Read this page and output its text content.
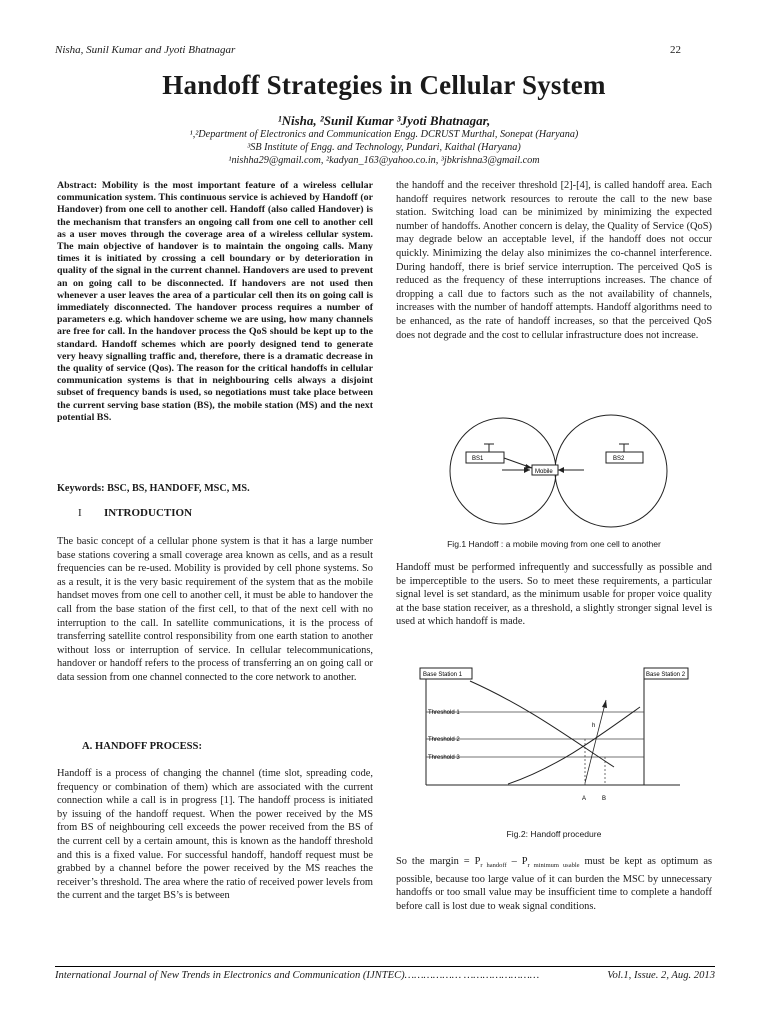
Nisha, Sunil Kumar and Jyoti Bhatnagar	22
Handoff Strategies in Cellular System
¹Nisha, ²Sunil Kumar ³Jyoti Bhatnagar,
¹,²Department of Electronics and Communication Engg. DCRUST Murthal, Sonepat (Haryana)
³SB Institute of Engg. and Technology, Pundari, Kaithal (Haryana)
¹nishha29@gmail.com, ²kadyan_163@yahoo.co.in, ³jbkrishna3@gmail.com
Abstract: Mobility is the most important feature of a wireless cellular communication system. This continuous service is achieved by Handoff (or Handover) from one cell to another cell. Handoff (also called Handover) is the mechanism that transfers an ongoing call from one cell to another cell as a user moves through the coverage area of a wireless cellular system. The main objective of handover is to maintain the ongoing calls. Many times it is initiated by crossing a cell boundary or by deterioration in quality of the signal in the current channel. Handovers are used to prevent an on going call to be disconnected. If handovers are not used then whenever a user leaves the area of a particular cell then its on going call is immediately disconnected. The handover process requires a number of parameters e.g. which handover scheme we are using, how many channels are free for call. In the handover process the QoS should be kept up to the standard. Handoff schemes which are poorly designed tend to generate very heavy signalling traffic and, therefore, there is a dramatic decrease in the quality of service (Qos). The reason for the critical handoffs in cellular communication systems is that in neighbouring cells always a disjoint subset of frequency bands is used, so negotiations must take place between the current serving base station (BS), the mobile station (MS) and the next potential BS.
Keywords: BSC, BS, HANDOFF, MSC, MS.
I INTRODUCTION
The basic concept of a cellular phone system is that it has a large number base stations covering a small coverage area known as cells, and as a result frequencies can be re-used. Mobility is provided by cell phone systems. So as a result, it is the very basic requirement of the system that as the mobile handset moves from one cell to another cell, it must be able to handover the call from the base station of the first cell, to that of the next cell with no interruption to the call. In satellite communications, it is the process of transferring satellite control responsibility from one earth station to another without loss or interruption of service. In cellular telecommunications, handover or handoff refers to the process of transferring an on going call or data session from one channel connected to the core network to another.
A. HANDOFF PROCESS:
Handoff is a process of changing the channel (time slot, spreading code, frequency or combination of them) which are associated with the current connection while a call is in progress [1]. The handoff process is initiated by issuing of the handoff request. When the power received by the MS from BS of neighbouring cell exceeds the power received from the BS of the current cell by a certain amount, this is known as the handoff threshold and this is a fixed value. For successful handoff, handoff request must be grabbed by a channel before the power received by the MS reaches the receiver’s threshold. The area where the ratio of received power levels from the current and the target BS’s is between
the handoff and the receiver threshold [2]-[4], is called handoff area. Each handoff requires network resources to reroute the call to the new base station. Switching load can be minimized by minimizing the expected number of handoffs. Another concern is delay, the Quality of Service (QoS) may degrade below an acceptable level, if the handoff does not occur quickly. Minimizing the delay also minimizes the co-channel interference. During handoff, there is brief service interruption. The perceived QoS is reduced as the frequency of these interruptions increases. The chance of dropping a call due to factors such as the not availability of channels, increases with the number of handoff attempts. Handoff algorithms need to be enhanced, as the rate of handoff increases, so that the perceived QoS does not degrade and the cost to cellular infrastructure does not increase.
BS1	BS2
Mobile
Fig.1 Handoff : a mobile moving from one cell to another
Handoff must be performed infrequently and successfully as possible and be imperceptible to the users. So to meet these requirements, a particular signal level is set standard, as the minimum usable for proper voice quality at the base station receiver, as a threshold, a slightly stronger signal level is used at which handoff is made.
Base Station 1	Base Station 2
Threshold 1
Threshold 2
Threshold 3
h
A	B
Fig.2: Handoff procedure
So the margin = $P_{r handoff} - P_{r minimum usable}$ must be kept as optimum as possible, because too large value of it can burden the MSC by unnecessary handoffs or too small value may be insufficient time to complete a handoff before call is lost due to weak signal conditions.
International Journal of New Trends in Electronics and Communication (IJNTEC)……………… ……………………	Vol.1, Issue. 2, Aug. 2013
